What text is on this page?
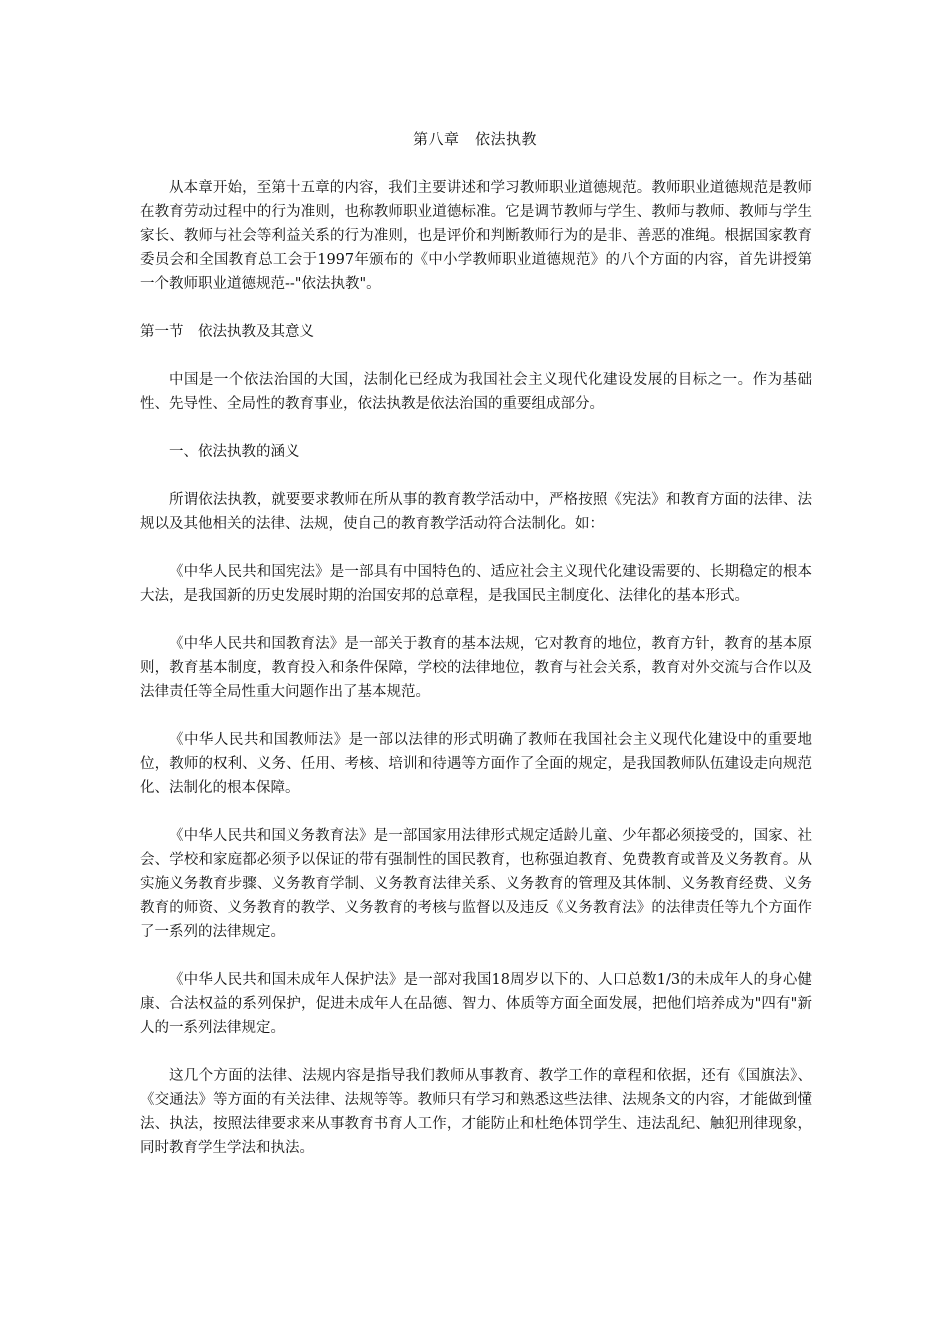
第八章　依法执教

从本章开始，至第十五章的内容，我们主要讲述和学习教师职业道德规范。教师职业道德规范是教师在教育劳动过程中的行为准则，也称教师职业道德标准。它是调节教师与学生、教师与教师、教师与学生家长、教师与社会等利益关系的行为准则，也是评价和判断教师行为的是非、善恶的准绳。根据国家教育委员会和全国教育总工会于1997年颁布的《中小学教师职业道德规范》的八个方面的内容，首先讲授第一个教师职业道德规范--"依法执教"。

第一节　依法执教及其意义

中国是一个依法治国的大国，法制化已经成为我国社会主义现代化建设发展的目标之一。作为基础性、先导性、全局性的教育事业，依法执教是依法治国的重要组成部分。

一、依法执教的涵义

所谓依法执教，就要要求教师在所从事的教育教学活动中，严格按照《宪法》和教育方面的法律、法规以及其他相关的法律、法规，使自己的教育教学活动符合法制化。如：

《中华人民共和国宪法》是一部具有中国特色的、适应社会主义现代化建设需要的、长期稳定的根本大法，是我国新的历史发展时期的治国安邦的总章程，是我国民主制度化、法律化的基本形式。

《中华人民共和国教育法》是一部关于教育的基本法规，它对教育的地位，教育方针，教育的基本原则，教育基本制度，教育投入和条件保障，学校的法律地位，教育与社会关系，教育对外交流与合作以及法律责任等全局性重大问题作出了基本规范。

《中华人民共和国教师法》是一部以法律的形式明确了教师在我国社会主义现代化建设中的重要地位，教师的权利、义务、任用、考核、培训和待遇等方面作了全面的规定，是我国教师队伍建设走向规范化、法制化的根本保障。

《中华人民共和国义务教育法》是一部国家用法律形式规定适龄儿童、少年都必须接受的，国家、社会、学校和家庭都必须予以保证的带有强制性的国民教育，也称强迫教育、免费教育或普及义务教育。从实施义务教育步骤、义务教育学制、义务教育法律关系、义务教育的管理及其体制、义务教育经费、义务教育的师资、义务教育的教学、义务教育的考核与监督以及违反《义务教育法》的法律责任等九个方面作了一系列的法律规定。

《中华人民共和国未成年人保护法》是一部对我国18周岁以下的、人口总数1/3的未成年人的身心健康、合法权益的系列保护，促进未成年人在品德、智力、体质等方面全面发展，把他们培养成为"四有"新人的一系列法律规定。

这几个方面的法律、法规内容是指导我们教师从事教育、教学工作的章程和依据，还有《国旗法》、《交通法》等方面的有关法律、法规等等。教师只有学习和熟悉这些法律、法规条文的内容，才能做到懂法、执法，按照法律要求来从事教育书育人工作，才能防止和杜绝体罚学生、违法乱纪、触犯刑律现象，同时教育学生学法和执法。
